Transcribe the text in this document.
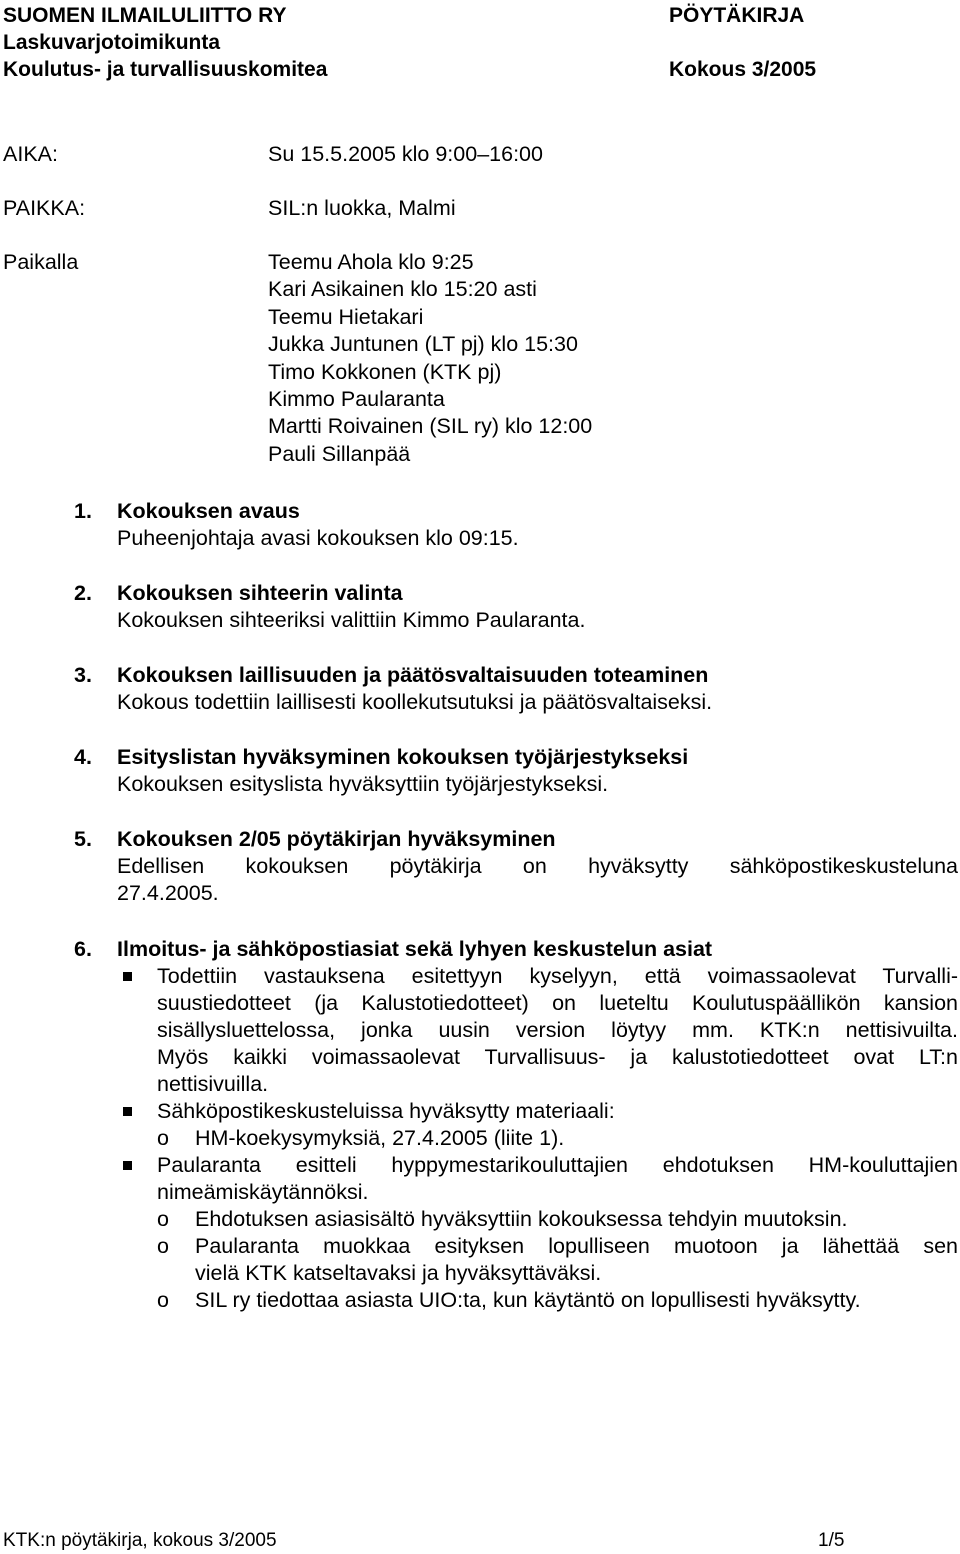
SUOMEN ILMAILULIITTO RY
Laskuvarjotoimikunta
Koulutus- ja turvallisuuskomitea
PÖYTÄKIRJA
Kokous 3/2005
AIKA:	Su 15.5.2005 klo 9:00–16:00
PAIKKA:	SIL:n luokka, Malmi
Paikalla	Teemu Ahola klo 9:25
Kari Asikainen klo 15:20 asti
Teemu Hietakari
Jukka Juntunen (LT pj) klo 15:30
Timo Kokkonen (KTK pj)
Kimmo Paularanta
Martti Roivainen (SIL ry) klo 12:00
Pauli Sillanpää
1. Kokouksen avaus
Puheenjohtaja avasi kokouksen klo 09:15.
2. Kokouksen sihteerin valinta
Kokouksen sihteeriksi valittiin Kimmo Paularanta.
3. Kokouksen laillisuuden ja päätösvaltaisuuden toteaminen
Kokous todettiin laillisesti koollekutsutuksi ja päätösvaltaiseksi.
4. Esityslistan hyväksyminen kokouksen työjärjestykseksi
Kokouksen esityslista hyväksyttiin työjärjestykseksi.
5. Kokouksen 2/05 pöytäkirjan hyväksyminen
Edellisen kokouksen pöytäkirja on hyväksytty sähköpostikeskusteluna
27.4.2005.
6. Ilmoitus- ja sähköpostiasiat sekä lyhyen keskustelun asiat
Todettiin vastauksena esitettyyn kyselyyn, että voimassaolevat Turvalli-
suustiedotteet (ja Kalustotiedotteet) on lueteltu Koulutuspäällikön kansion
sisällysluettelossa, jonka uusin version löytyy mm. KTK:n nettisivuilta.
Myös kaikki voimassaolevat Turvallisuus- ja kalustotiedotteet ovat LT:n
nettisivuilla.
Sähköpostikeskusteluissa hyväksytty materiaali:
o HM-koekysymyksiä, 27.4.2005 (liite 1).
Paularanta esitteli hyppymestarikouluttajien ehdotuksen HM-kouluttajien
nimeämiskäytännöksi.
o Ehdotuksen asiasisältö hyväksyttiin kokouksessa tehdyin muutoksin.
o Paularanta muokkaa esityksen lopulliseen muotoon ja lähettää sen
vielä KTK katseltavaksi ja hyväksyttäväksi.
o SIL ry tiedottaa asiasta UIO:ta, kun käytäntö on lopullisesti hyväksytty.
KTK:n pöytäkirja, kokous 3/2005	1/5
